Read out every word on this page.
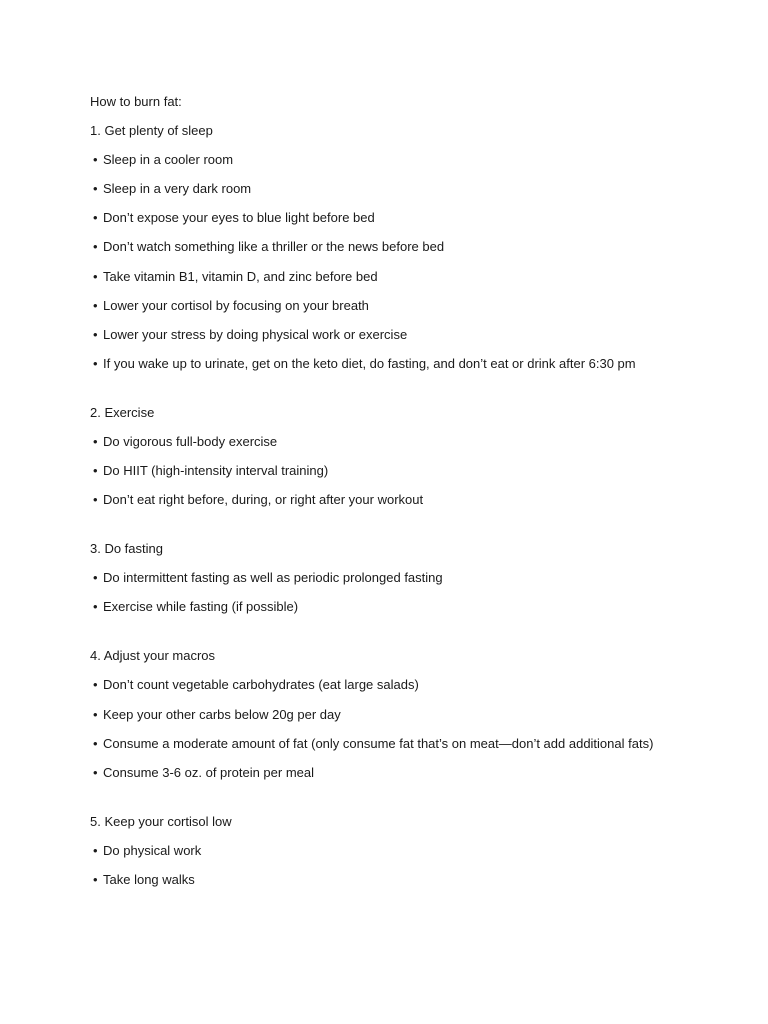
How to burn fat:
1. Get plenty of sleep
• Sleep in a cooler room
• Sleep in a very dark room
• Don’t expose your eyes to blue light before bed
• Don’t watch something like a thriller or the news before bed
• Take vitamin B1, vitamin D, and zinc before bed
• Lower your cortisol by focusing on your breath
• Lower your stress by doing physical work or exercise
• If you wake up to urinate, get on the keto diet, do fasting, and don’t eat or drink after 6:30 pm
2. Exercise
• Do vigorous full-body exercise
• Do HIIT (high-intensity interval training)
• Don’t eat right before, during, or right after your workout
3. Do fasting
• Do intermittent fasting as well as periodic prolonged fasting
• Exercise while fasting (if possible)
4. Adjust your macros
• Don’t count vegetable carbohydrates (eat large salads)
• Keep your other carbs below 20g per day
• Consume a moderate amount of fat (only consume fat that’s on meat—don’t add additional fats)
• Consume 3-6 oz. of protein per meal
5. Keep your cortisol low
• Do physical work
• Take long walks
